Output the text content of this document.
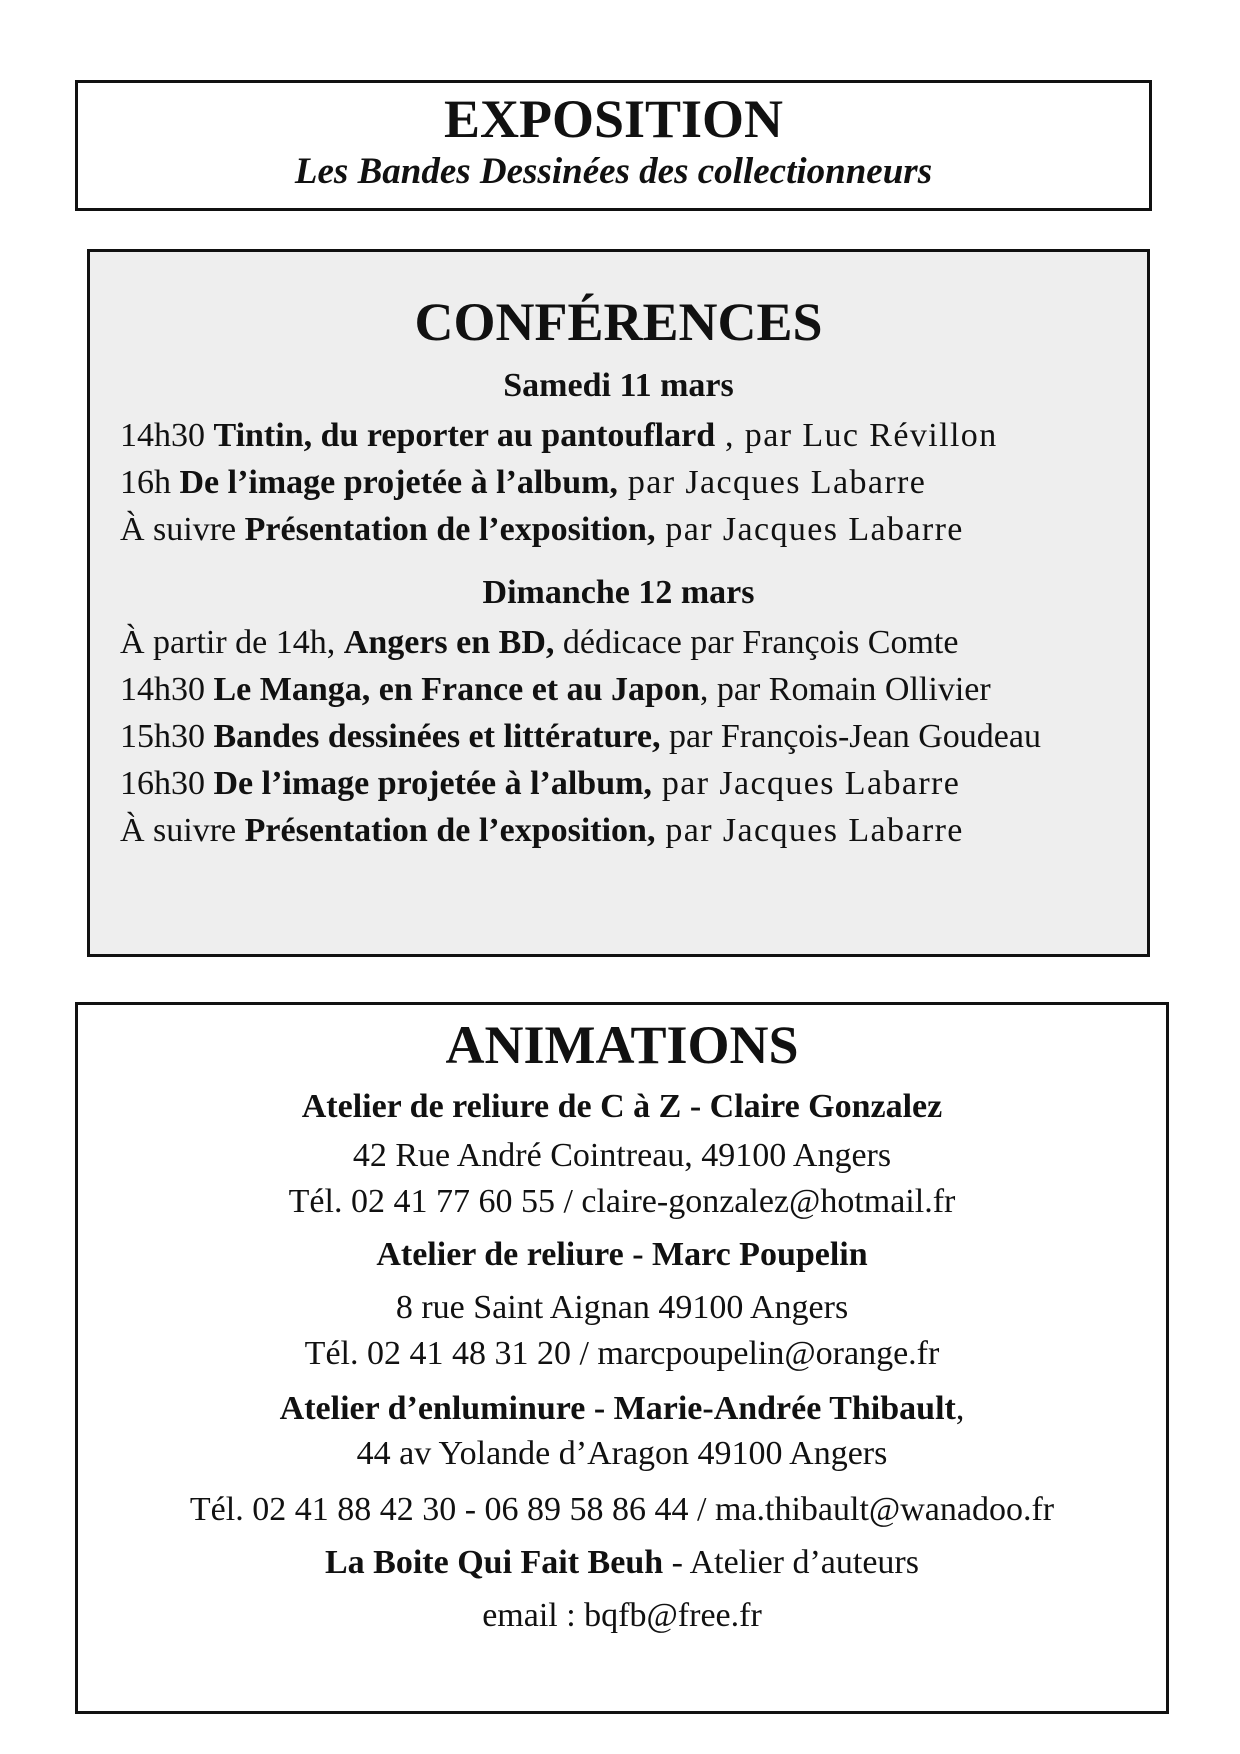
EXPOSITION
Les Bandes Dessinées des collectionneurs
CONFÉRENCES
Samedi 11 mars
14h30 Tintin, du reporter au pantouflard , par Luc Révillon
16h De l’image projetée à l’album, par Jacques Labarre
À suivre Présentation de l’exposition, par Jacques Labarre
Dimanche 12 mars
À partir de 14h, Angers en BD, dédicace par François Comte
14h30 Le Manga, en France et au Japon, par Romain Ollivier
15h30 Bandes dessinées et littérature, par François-Jean Goudeau
16h30 De l’image projetée à l’album, par Jacques Labarre
À suivre Présentation de l’exposition, par Jacques Labarre
ANIMATIONS
Atelier de reliure de C à Z - Claire Gonzalez
42 Rue André Cointreau, 49100 Angers
Tél. 02 41 77 60 55 / claire-gonzalez@hotmail.fr
Atelier de reliure - Marc Poupelin
8 rue Saint Aignan 49100 Angers
Tél. 02 41 48 31 20 / marcpoupelin@orange.fr
Atelier d’enluminure - Marie-Andrée Thibault,
44 av Yolande d’Aragon 49100 Angers
Tél. 02 41 88 42 30 - 06 89 58 86 44 / ma.thibault@wanadoo.fr
La Boite Qui Fait Beuh - Atelier d’auteurs
email : bqfb@free.fr
